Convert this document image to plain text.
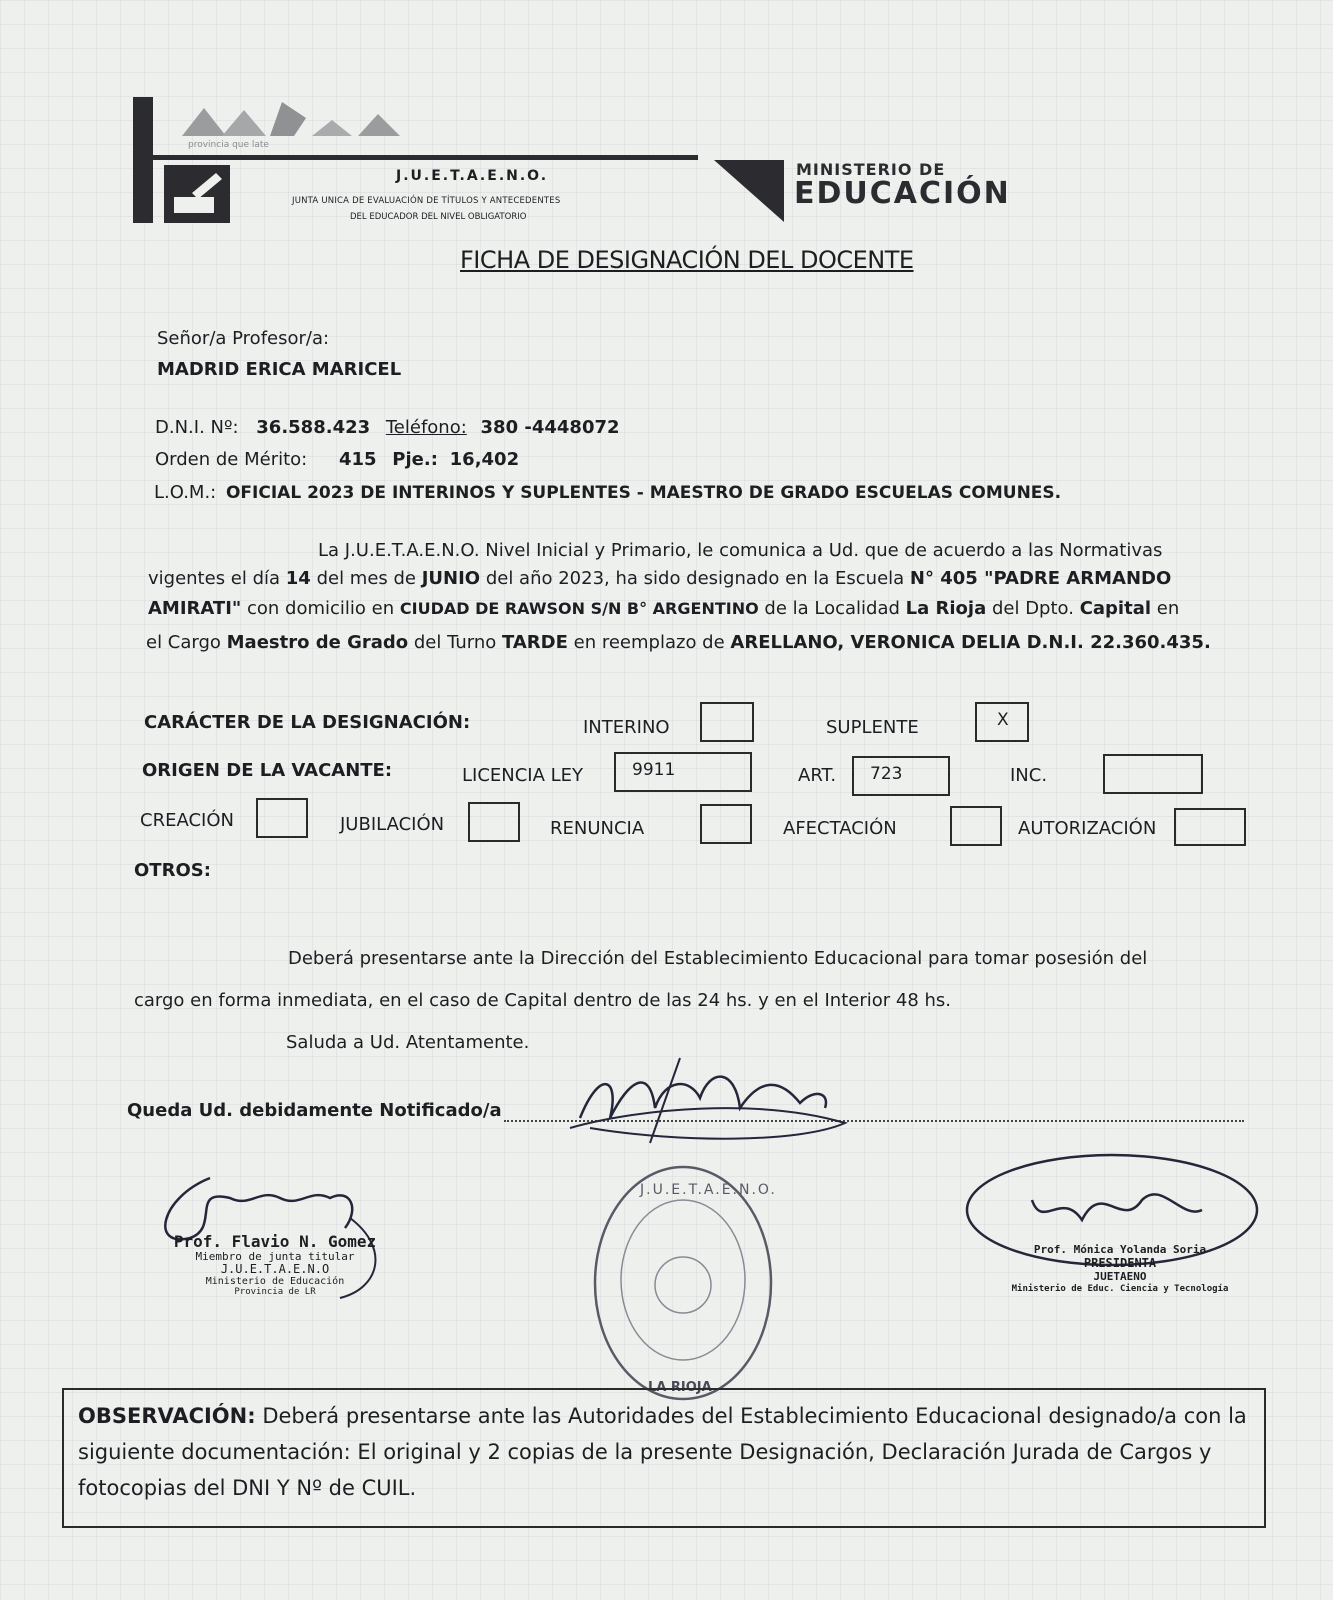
provincia que late
J.U.E.T.A.E.N.O.
JUNTA UNICA DE EVALUACIÓN DE TÍTULOS Y ANTECEDENTES
DEL EDUCADOR DEL NIVEL OBLIGATORIO
MINISTERIO DE
EDUCACIÓN
FICHA DE DESIGNACIÓN DEL DOCENTE
Señor/a Profesor/a:
MADRID ERICA MARICEL
D.N.I. Nº: 36.588.423 Teléfono: 380 -4448072
Orden de Mérito: 415 Pje.: 16,402
L.O.M.: OFICIAL 2023 DE INTERINOS Y SUPLENTES - MAESTRO DE GRADO ESCUELAS COMUNES.
La J.U.E.T.A.E.N.O. Nivel Inicial y Primario, le comunica a Ud. que de acuerdo a las Normativas
vigentes el día 14 del mes de JUNIO del año 2023, ha sido designado en la Escuela N° 405 "PADRE ARMANDO
AMIRATI" con domicilio en CIUDAD DE RAWSON S/N B° ARGENTINO de la Localidad La Rioja del Dpto. Capital en
el Cargo Maestro de Grado del Turno TARDE en reemplazo de ARELLANO, VERONICA DELIA D.N.I. 22.360.435.
CARÁCTER DE LA DESIGNACIÓN:	INTERINO	SUPLENTE	X
ORIGEN DE LA VACANTE:	LICENCIA LEY	9911	ART.	723	INC.
CREACIÓN	JUBILACIÓN	RENUNCIA	AFECTACIÓN	AUTORIZACIÓN
OTROS:
Deberá presentarse ante la Dirección del Establecimiento Educacional para tomar posesión del
cargo en forma inmediata, en el caso de Capital dentro de las 24 hs. y en el Interior 48 hs.
Saluda a Ud. Atentamente.
Queda Ud. debidamente Notificado/a
Prof. Flavio N. Gomez
Miembro de junta titular
J.U.E.T.A.E.N.O
Ministerio de Educación
Provincia de LR
J.U.E.T.A.E.N.O.
LA RIOJA
Prof. Mónica Yolanda Soria
PRESIDENTA
JUETAENO
Ministerio de Educ. Ciencia y Tecnología
OBSERVACIÓN: Deberá presentarse ante las Autoridades del Establecimiento Educacional designado/a con la siguiente documentación: El original y 2 copias de la presente Designación, Declaración Jurada de Cargos y fotocopias del DNI Y Nº de CUIL.
